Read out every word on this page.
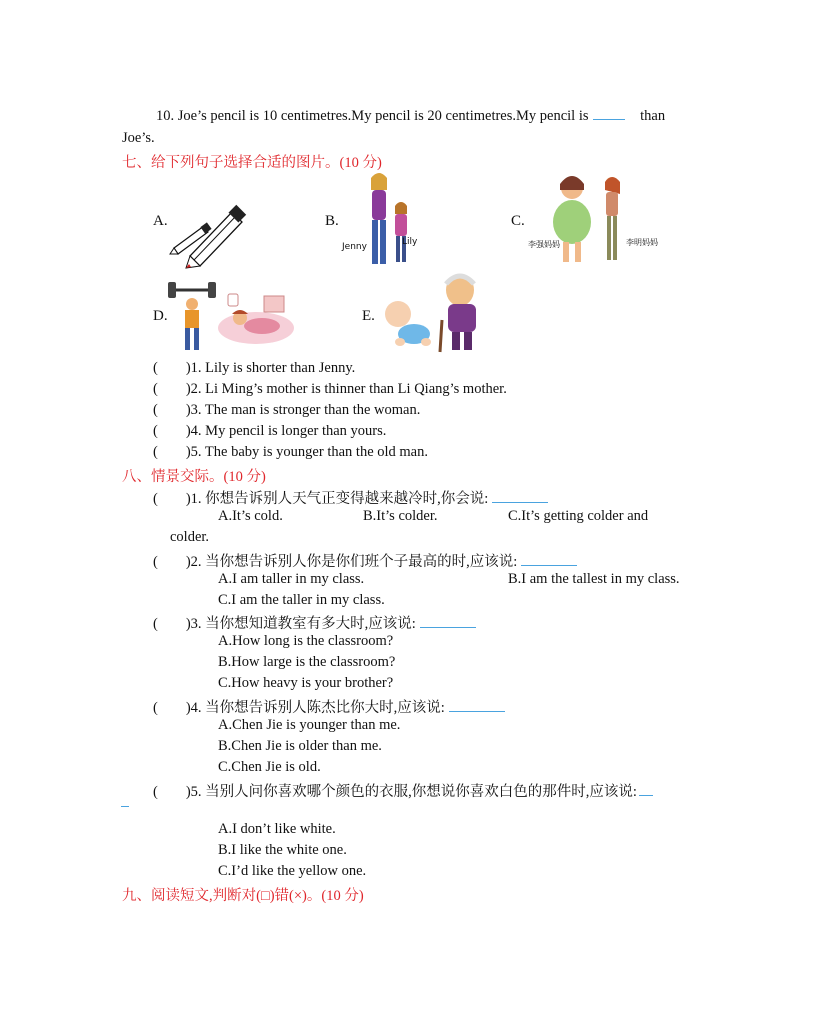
10. Joe’s pencil is 10 centimetres.My pencil is 20 centimetres.My pencil is	than
Joe’s.
七、给下列句子选择合适的图片。(10 分)
A.	B.
Jenny	Lily
C.
李强妈妈	李明妈妈
D.	E.
( )1. Lily is shorter than Jenny.
( )2. Li Ming’s mother is thinner than Li Qiang’s mother.
( )3. The man is stronger than the woman.
( )4. My pencil is longer than yours.
( )5. The baby is younger than the old man.
八、情景交际。(10 分)
( )1. 你想告诉别人天气正变得越来越冷时,你会说:
A.It’s cold.	B.It’s colder.	C.It’s getting colder and
colder.
( )2. 当你想告诉别人你是你们班个子最高的时,应该说:
A.I am taller in my class.	B.I am the tallest in my class.
C.I am the taller in my class.
( )3. 当你想知道教室有多大时,应该说:
A.How long is the classroom?
B.How large is the classroom?
C.How heavy is your brother?
( )4. 当你想告诉别人陈杰比你大时,应该说:
A.Chen Jie is younger than me.
B.Chen Jie is older than me.
C.Chen Jie is old.
( )5. 当别人问你喜欢哪个颜色的衣服,你想说你喜欢白色的那件时,应该说:
A.I don’t like white.
B.I like the white one.
C.I’d like the yellow one.
九、阅读短文,判断对(□)错(×)。(10 分)
